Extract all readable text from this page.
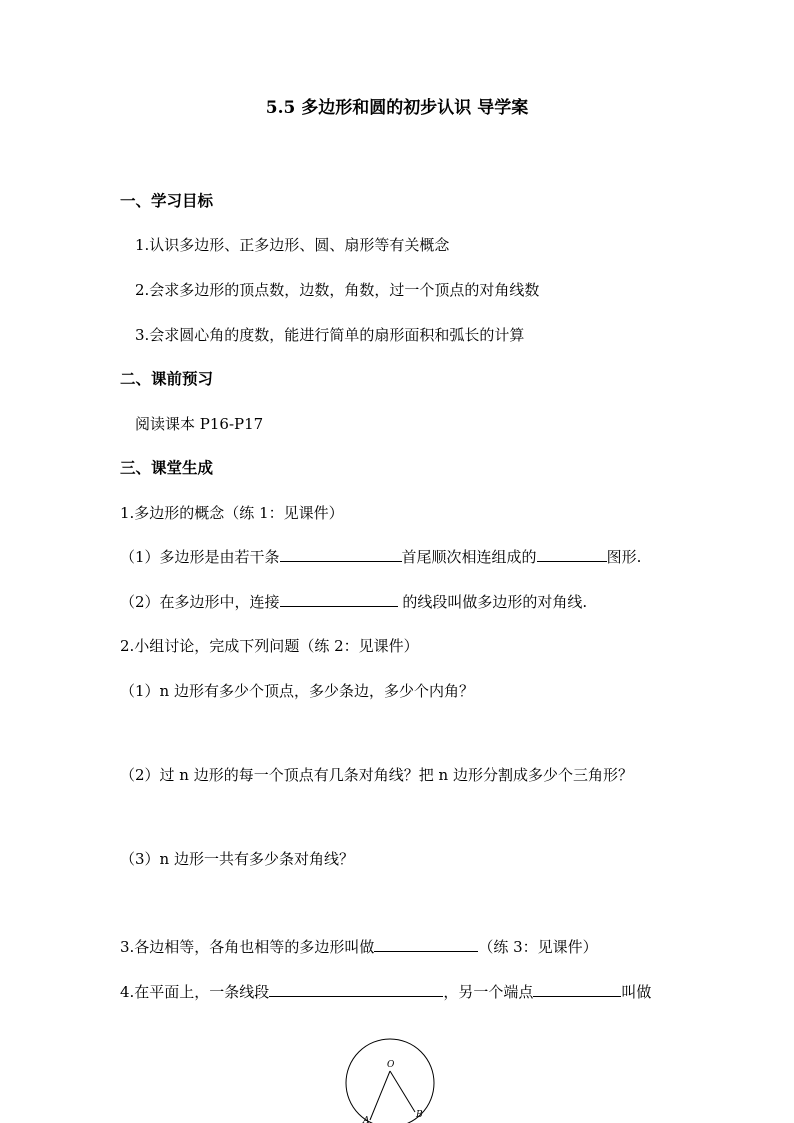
5.5 多边形和圆的初步认识 导学案
一、学习目标
1.认识多边形、正多边形、圆、扇形等有关概念
2.会求多边形的顶点数，边数，角数，过一个顶点的对角线数
3.会求圆心角的度数，能进行简单的扇形面积和弧长的计算
二、课前预习
阅读课本 P16-P17
三、课堂生成
1.多边形的概念（练 1：见课件）
（1）多边形是由若干条	首尾顺次相连组成的	图形.
（2）在多边形中，连接	的线段叫做多边形的对角线.
2.小组讨论，完成下列问题（练 2：见课件）
（1）n 边形有多少个顶点，多少条边，多少个内角？
（2）过 n 边形的每一个顶点有几条对角线？把 n 边形分割成多少个三角形？
（3）n 边形一共有多少条对角线？
3.各边相等，各角也相等的多边形叫做	（练 3：见课件）
4.在平面上，一条线段	，另一个端点	叫做
O
A
B
